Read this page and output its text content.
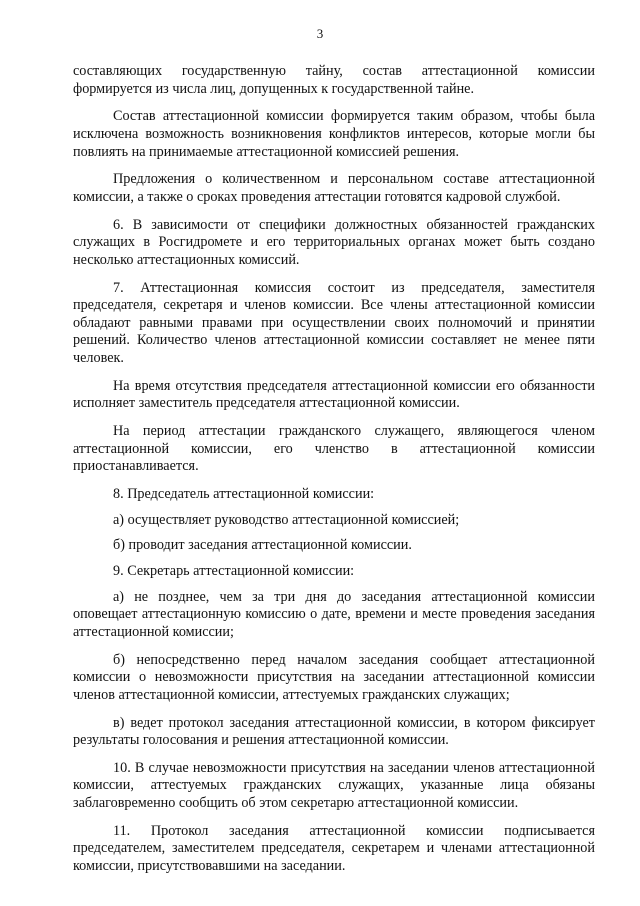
3

составляющих государственную тайну, состав аттестационной комиссии формируется из числа лиц, допущенных к государственной тайне.

Состав аттестационной комиссии формируется таким образом, чтобы была исключена возможность возникновения конфликтов интересов, которые могли бы повлиять на принимаемые аттестационной комиссией решения.

Предложения о количественном и персональном составе аттестационной комиссии, а также о сроках проведения аттестации готовятся кадровой службой.

6. В зависимости от специфики должностных обязанностей гражданских служащих в Росгидромете и его территориальных органах может быть создано несколько аттестационных комиссий.

7. Аттестационная комиссия состоит из председателя, заместителя председателя, секретаря и членов комиссии. Все члены аттестационной комиссии обладают равными правами при осуществлении своих полномочий и принятии решений. Количество членов аттестационной комиссии составляет не менее пяти человек.

На время отсутствия председателя аттестационной комиссии его обязанности исполняет заместитель председателя аттестационной комиссии.

На период аттестации гражданского служащего, являющегося членом аттестационной комиссии, его членство в аттестационной комиссии приостанавливается.

8. Председатель аттестационной комиссии:

а) осуществляет руководство аттестационной комиссией;

б) проводит заседания аттестационной комиссии.

9. Секретарь аттестационной комиссии:

а) не позднее, чем за три дня до заседания аттестационной комиссии оповещает аттестационную комиссию о дате, времени и месте проведения заседания аттестационной комиссии;

б) непосредственно перед началом заседания сообщает аттестационной комиссии о невозможности присутствия на заседании аттестационной комиссии членов аттестационной комиссии, аттестуемых гражданских служащих;

в) ведет протокол заседания аттестационной комиссии, в котором фиксирует результаты голосования и решения аттестационной комиссии.

10. В случае невозможности присутствия на заседании членов аттестационной комиссии, аттестуемых гражданских служащих, указанные лица обязаны заблаговременно сообщить об этом секретарю аттестационной комиссии.

11. Протокол заседания аттестационной комиссии подписывается председателем, заместителем председателя, секретарем и членами аттестационной комиссии, присутствовавшими на заседании.
